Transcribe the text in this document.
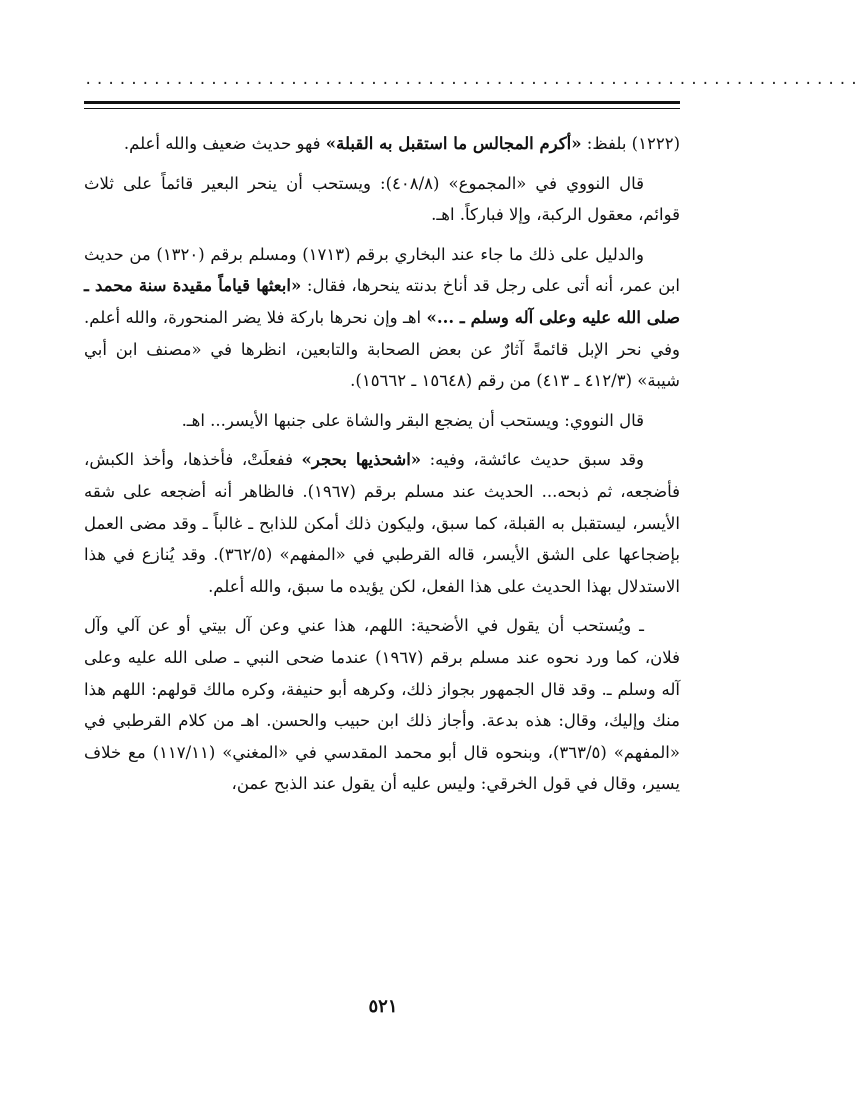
....................................................................

(١٢٢٢) بلفظ: «أكرم المجالس ما استقبل به القبلة» فهو حديث ضعيف والله أعلم.

قال النووي في «المجموع» (٤٠٨/٨): ويستحب أن ينحر البعير قائماً على ثلاث قوائم، معقول الركبة، وإلا فباركاً. اهـ.

والدليل على ذلك ما جاء عند البخاري برقم (١٧١٣) ومسلم برقم (١٣٢٠) من حديث ابن عمر، أنه أتى على رجل قد أناخ بدنته ينحرها، فقال: «ابعثها قياماً مقيدة سنة محمد ـ صلى الله عليه وعلى آله وسلم ـ ...» اهـ وإن نحرها باركة فلا يضر المنحورة، والله أعلم. وفي نحر الإبل قائمةً آثارٌ عن بعض الصحابة والتابعين، انظرها في «مصنف ابن أبي شيبة» (٤١٢/٣ ـ ٤١٣) من رقم (١٥٦٤٨ ـ ١٥٦٦٢).

قال النووي: ويستحب أن يضجع البقر والشاة على جنبها الأيسر... اهـ.

وقد سبق حديث عائشة، وفيه: «اشحذيها بحجر» ففعلَتْ، فأخذها، وأخذ الكبش، فأضجعه، ثم ذبحه... الحديث عند مسلم برقم (١٩٦٧). فالظاهر أنه أضجعه على شقه الأيسر، ليستقبل به القبلة، كما سبق، وليكون ذلك أمكن للذابح ـ غالباً ـ وقد مضى العمل بإضجاعها على الشق الأيسر، قاله القرطبي في «المفهم» (٣٦٢/٥). وقد يُنازع في هذا الاستدلال بهذا الحديث على هذا الفعل، لكن يؤيده ما سبق، والله أعلم.

ـ ويُستحب أن يقول في الأضحية: اللهم، هذا عني وعن آل بيتي أو عن آلي وآل فلان، كما ورد نحوه عند مسلم برقم (١٩٦٧) عندما ضحى النبي ـ صلى الله عليه وعلى آله وسلم ـ. وقد قال الجمهور بجواز ذلك، وكرهه أبو حنيفة، وكره مالك قولهم: اللهم هذا منك وإليك، وقال: هذه بدعة. وأجاز ذلك ابن حبيب والحسن. اهـ من كلام القرطبي في «المفهم» (٣٦٣/٥)، وبنحوه قال أبو محمد المقدسي في «المغني» (١١٧/١١) مع خلاف يسير، وقال في قول الخرقي: وليس عليه أن يقول عند الذبح عمن،

٥٢١
